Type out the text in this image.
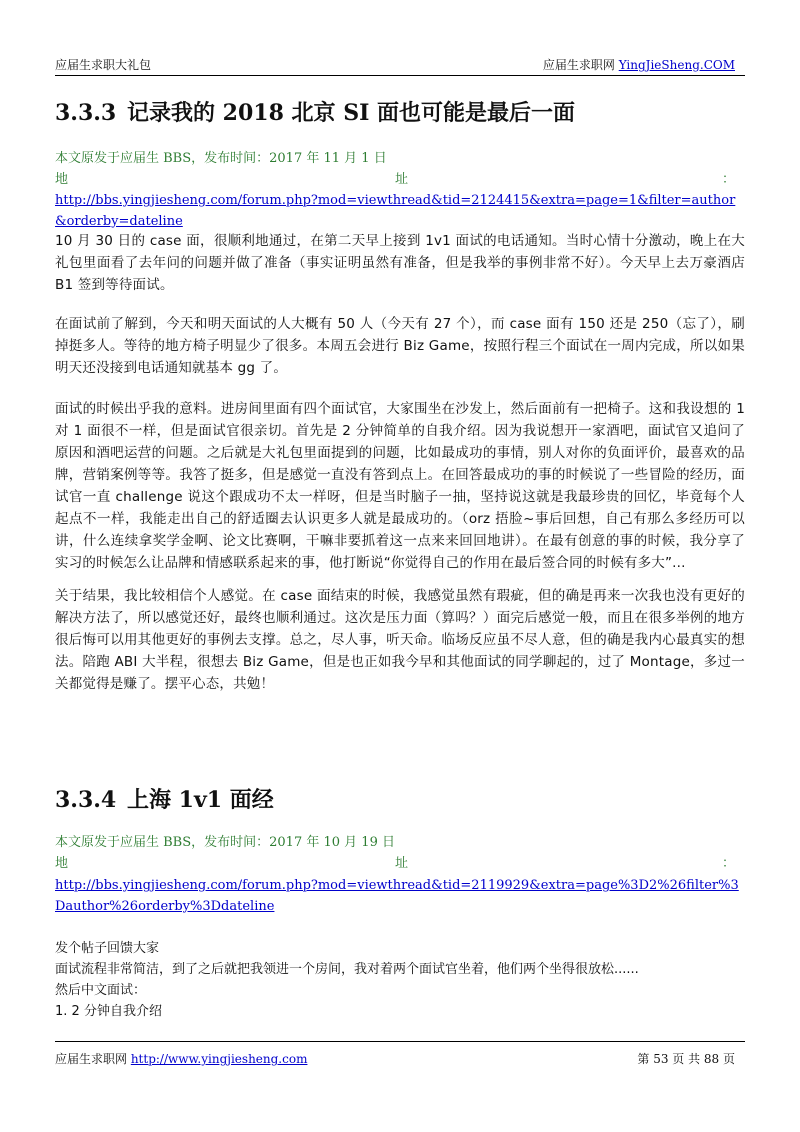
应届生求职大礼包	应届生求职网 YingJieSheng.COM
3.3.3 记录我的 2018 北京 SI 面也可能是最后一面
本文原发于应届生 BBS，发布时间：2017 年 11 月 1 日
地	址	：
http://bbs.yingjiesheng.com/forum.php?mod=viewthread&tid=2124415&extra=page=1&filter=author&orderby=dateline

10 月 30 日的 case 面，很顺利地通过，在第二天早上接到 1v1 面试的电话通知。当时心情十分激动，晚上在大礼包里面看了去年问的问题并做了准备（事实证明虽然有准备，但是我举的事例非常不好）。今天早上去万豪酒店 B1 签到等待面试。

在面试前了解到，今天和明天面试的人大概有 50 人（今天有 27 个），而 case 面有 150 还是 250（忘了），刷掉挺多人。等待的地方椅子明显少了很多。本周五会进行 Biz Game，按照行程三个面试在一周内完成，所以如果明天还没接到电话通知就基本 gg 了。

面试的时候出乎我的意料。进房间里面有四个面试官，大家围坐在沙发上，然后面前有一把椅子。这和我设想的 1 对 1 面很不一样，但是面试官很亲切。首先是 2 分钟简单的自我介绍。因为我说想开一家酒吧，面试官又追问了原因和酒吧运营的问题。之后就是大礼包里面提到的问题，比如最成功的事情，别人对你的负面评价，最喜欢的品牌，营销案例等等。我答了挺多，但是感觉一直没有答到点上。在回答最成功的事的时候说了一些冒险的经历，面试官一直 challenge 说这个跟成功不太一样呀，但是当时脑子一抽，坚持说这就是我最珍贵的回忆，毕竟每个人起点不一样，我能走出自己的舒适圈去认识更多人就是最成功的。（orz 捂脸~事后回想，自己有那么多经历可以讲，什么连续拿奖学金啊、论文比赛啊，干嘛非要抓着这一点来来回回地讲）。在最有创意的事的时候，我分享了实习的时候怎么让品牌和情感联系起来的事，他打断说“你觉得自己的作用在最后签合同的时候有多大”...

关于结果，我比较相信个人感觉。在 case 面结束的时候，我感觉虽然有瑕疵，但的确是再来一次我也没有更好的解决方法了，所以感觉还好，最终也顺利通过。这次是压力面（算吗？）面完后感觉一般，而且在很多举例的地方很后悔可以用其他更好的事例去支撑。总之，尽人事，听天命。临场反应虽不尽人意，但的确是我内心最真实的想法。陪跑 ABI 大半程，很想去 Biz Game，但是也正如我今早和其他面试的同学聊起的，过了 Montage，多过一关都觉得是赚了。摆平心态，共勉！

3.3.4 上海 1v1 面经
本文原发于应届生 BBS，发布时间：2017 年 10 月 19 日
地	址	：
http://bbs.yingjiesheng.com/forum.php?mod=viewthread&tid=2119929&extra=page%3D2%26filter%3Dauthor%26orderby%3Ddateline

发个帖子回馈大家

面试流程非常简洁，到了之后就把我领进一个房间，我对着两个面试官坐着，他们两个坐得很放松......

然后中文面试：

1. 2 分钟自我介绍

应届生求职网 http://www.yingjiesheng.com	第 53 页 共 88 页
